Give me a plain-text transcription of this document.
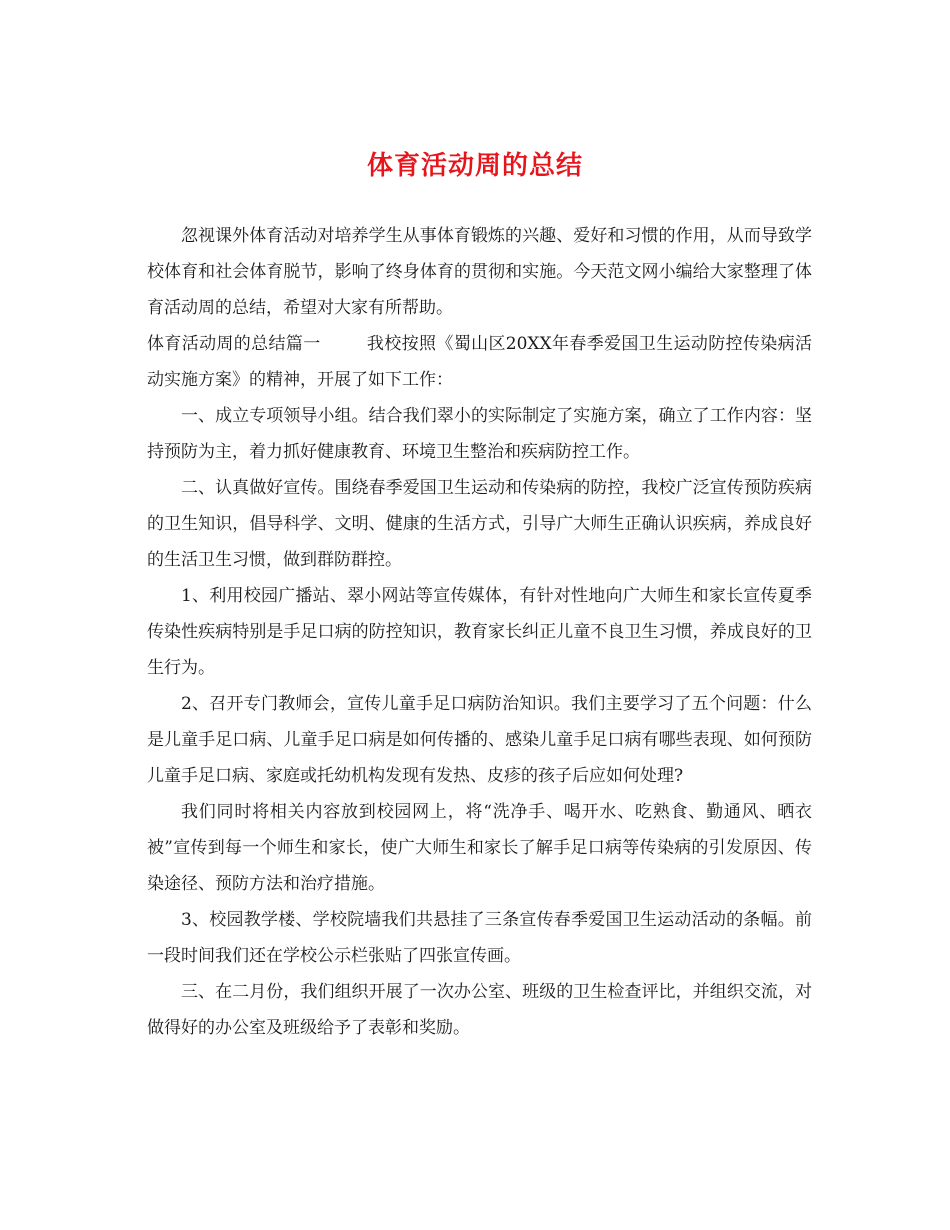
体育活动周的总结

忽视课外体育活动对培养学生从事体育锻炼的兴趣、爱好和习惯的作用，从而导致学校体育和社会体育脱节，影响了终身体育的贯彻和实施。今天范文网小编给大家整理了体育活动周的总结，希望对大家有所帮助。

体育活动周的总结篇一	我校按照《蜀山区20XX年春季爱国卫生运动防控传染病活动实施方案》的精神，开展了如下工作：

一、成立专项领导小组。结合我们翠小的实际制定了实施方案，确立了工作内容：坚持预防为主，着力抓好健康教育、环境卫生整治和疾病防控工作。

二、认真做好宣传。围绕春季爱国卫生运动和传染病的防控，我校广泛宣传预防疾病的卫生知识，倡导科学、文明、健康的生活方式，引导广大师生正确认识疾病，养成良好的生活卫生习惯，做到群防群控。

1、利用校园广播站、翠小网站等宣传媒体，有针对性地向广大师生和家长宣传夏季传染性疾病特别是手足口病的防控知识，教育家长纠正儿童不良卫生习惯，养成良好的卫生行为。

2、召开专门教师会，宣传儿童手足口病防治知识。我们主要学习了五个问题：什么是儿童手足口病、儿童手足口病是如何传播的、感染儿童手足口病有哪些表现、如何预防儿童手足口病、家庭或托幼机构发现有发热、皮疹的孩子后应如何处理?

我们同时将相关内容放到校园网上，将“洗净手、喝开水、吃熟食、勤通风、晒衣被”宣传到每一个师生和家长，使广大师生和家长了解手足口病等传染病的引发原因、传染途径、预防方法和治疗措施。

3、校园教学楼、学校院墙我们共悬挂了三条宣传春季爱国卫生运动活动的条幅。前一段时间我们还在学校公示栏张贴了四张宣传画。

三、在二月份，我们组织开展了一次办公室、班级的卫生检查评比，并组织交流，对做得好的办公室及班级给予了表彰和奖励。
